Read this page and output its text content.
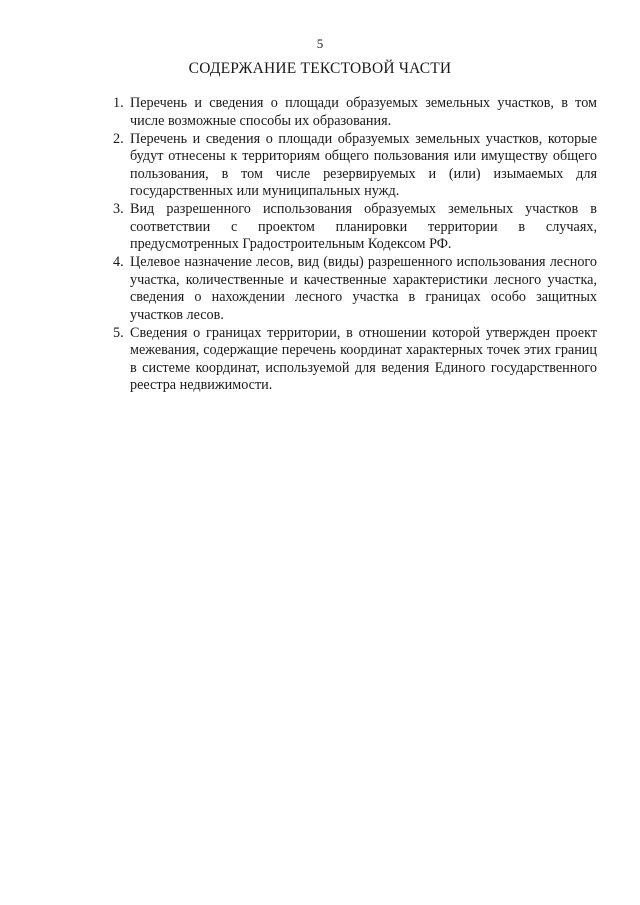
5
СОДЕРЖАНИЕ ТЕКСТОВОЙ ЧАСТИ
1. Перечень и сведения о площади образуемых земельных участков, в том числе возможные способы их образования.
2. Перечень и сведения о площади образуемых земельных участков, которые будут отнесены к территориям общего пользования или имуществу общего пользования, в том числе резервируемых и (или) изымаемых для государственных или муниципальных нужд.
3. Вид разрешенного использования образуемых земельных участков в соответствии с проектом планировки территории в случаях, предусмотренных Градостроительным Кодексом РФ.
4. Целевое назначение лесов, вид (виды) разрешенного использования лесного участка, количественные и качественные характеристики лесного участка, сведения о нахождении лесного участка в границах особо защитных участков лесов.
5. Сведения о границах территории, в отношении которой утвержден проект межевания, содержащие перечень координат характерных точек этих границ в системе координат, используемой для ведения Единого государственного реестра недвижимости.
